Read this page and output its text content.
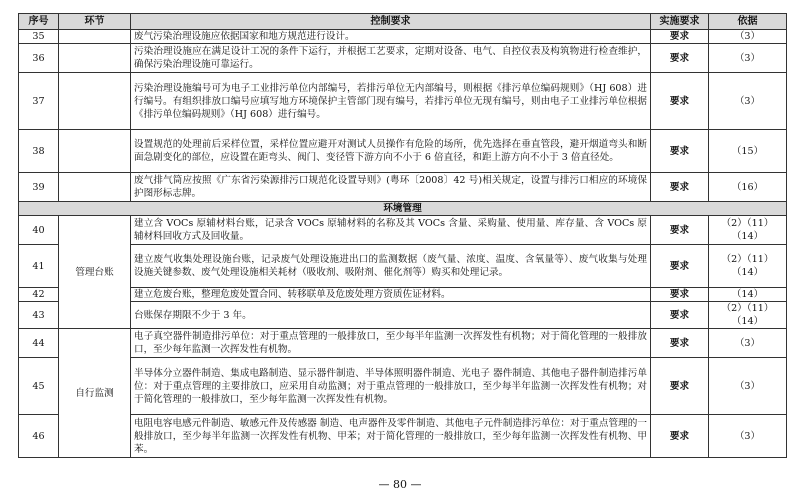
序号	环节	控制要求	实施要求	依据
35		废气污染治理设施应依据国家和地方规范进行设计。	要求	（3）
36		污染治理设施应在满足设计工况的条件下运行，并根据工艺要求，定期对设备、电气、自控仪表及构筑物进行检查维护，确保污染治理设施可靠运行。	要求	（3）
37		污染治理设施编号可为电子工业排污单位内部编号，若排污单位无内部编号，则根据《排污单位编码规则》（HJ 608）进行编号。有组织排放口编号应填写地方环境保护主管部门现有编号，若排污单位无现有编号，则由电子工业排污单位根据《排污单位编码规则》（HJ 608）进行编号。	要求	（3）
38		设置规范的处理前后采样位置，采样位置应避开对测试人员操作有危险的场所，优先选择在垂直管段，避开烟道弯头和断面急剧变化的部位，应设置在距弯头、阀门、变径管下游方向不小于 6 倍直径，和距上游方向不小于 3 倍直径处。	要求	（15）
39		废气排气筒应按照《广东省污染源排污口规范化设置导则》(粤环〔2008〕42 号)相关规定，设置与排污口相应的环境保护图形标志牌。	要求	（16）
环境管理				
40	管理台账	建立含 VOCs 原辅材料台账，记录含 VOCs 原辅材料的名称及其 VOCs 含量、采购量、使用量、库存量、含 VOCs 原辅材料回收方式及回收量。	要求	（2）（11）（14）
41		建立废气收集处理设施台账，记录废气处理设施进出口的监测数据（废气量、浓度、温度、含氧量等）、废气收集与处理设施关键参数、废气处理设施相关耗材（吸收剂、吸附剂、催化剂等）购买和处理记录。	要求	（2）（11）（14）
42		建立危废台账，整理危废处置合同、转移联单及危废处理方资质佐证材料。	要求	（14）
43		台账保存期限不少于 3 年。	要求	（2）（11）（14）
44	自行监测	电子真空器件制造排污单位：对于重点管理的一般排放口，至少每半年监测一次挥发性有机物；对于简化管理的一般排放口，至少每年监测一次挥发性有机物。	要求	（3）
45		半导体分立器件制造、集成电路制造、显示器件制造、半导体照明器件制造、光电子 器件制造、其他电子器件制造排污单位：对于重点管理的主要排放口，应采用自动监测；对于重点管理的一般排放口，至少每半年监测一次挥发性有机物；对于简化管理的一般排放口，至少每年监测一次挥发性有机物。	要求	（3）
46		电阻电容电感元件制造、敏感元件及传感器 制造、电声器件及零件制造、其他电子元件制造排污单位：对于重点管理的一般排放口，至少每半年监测一次挥发性有机物、甲苯；对于简化管理的一般排放口，至少每年监测一次挥发性有机物、甲苯。	要求	（3）
— 80 —
